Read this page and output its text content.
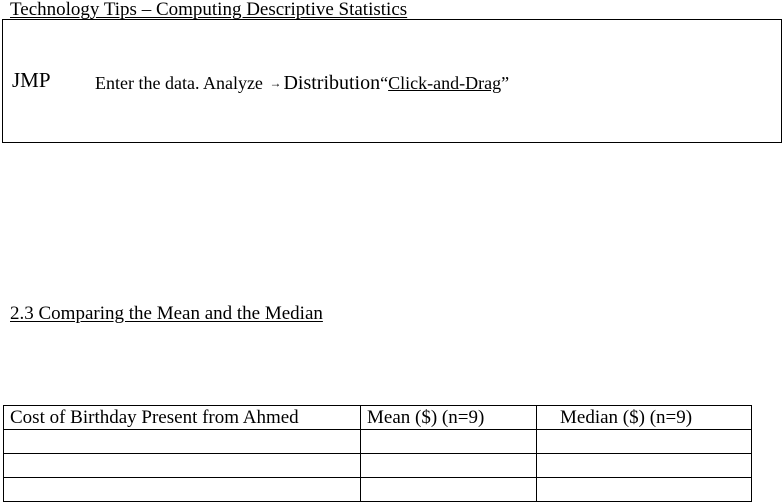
Technology Tips – Computing Descriptive Statistics
JMP Enter the data. Analyze → Distribution“Click-and-Drag”
2.3 Comparing the Mean and the Median
Cost of Birthday Present from Ahmed	Mean ($) (n=9)	Median ($) (n=9)
